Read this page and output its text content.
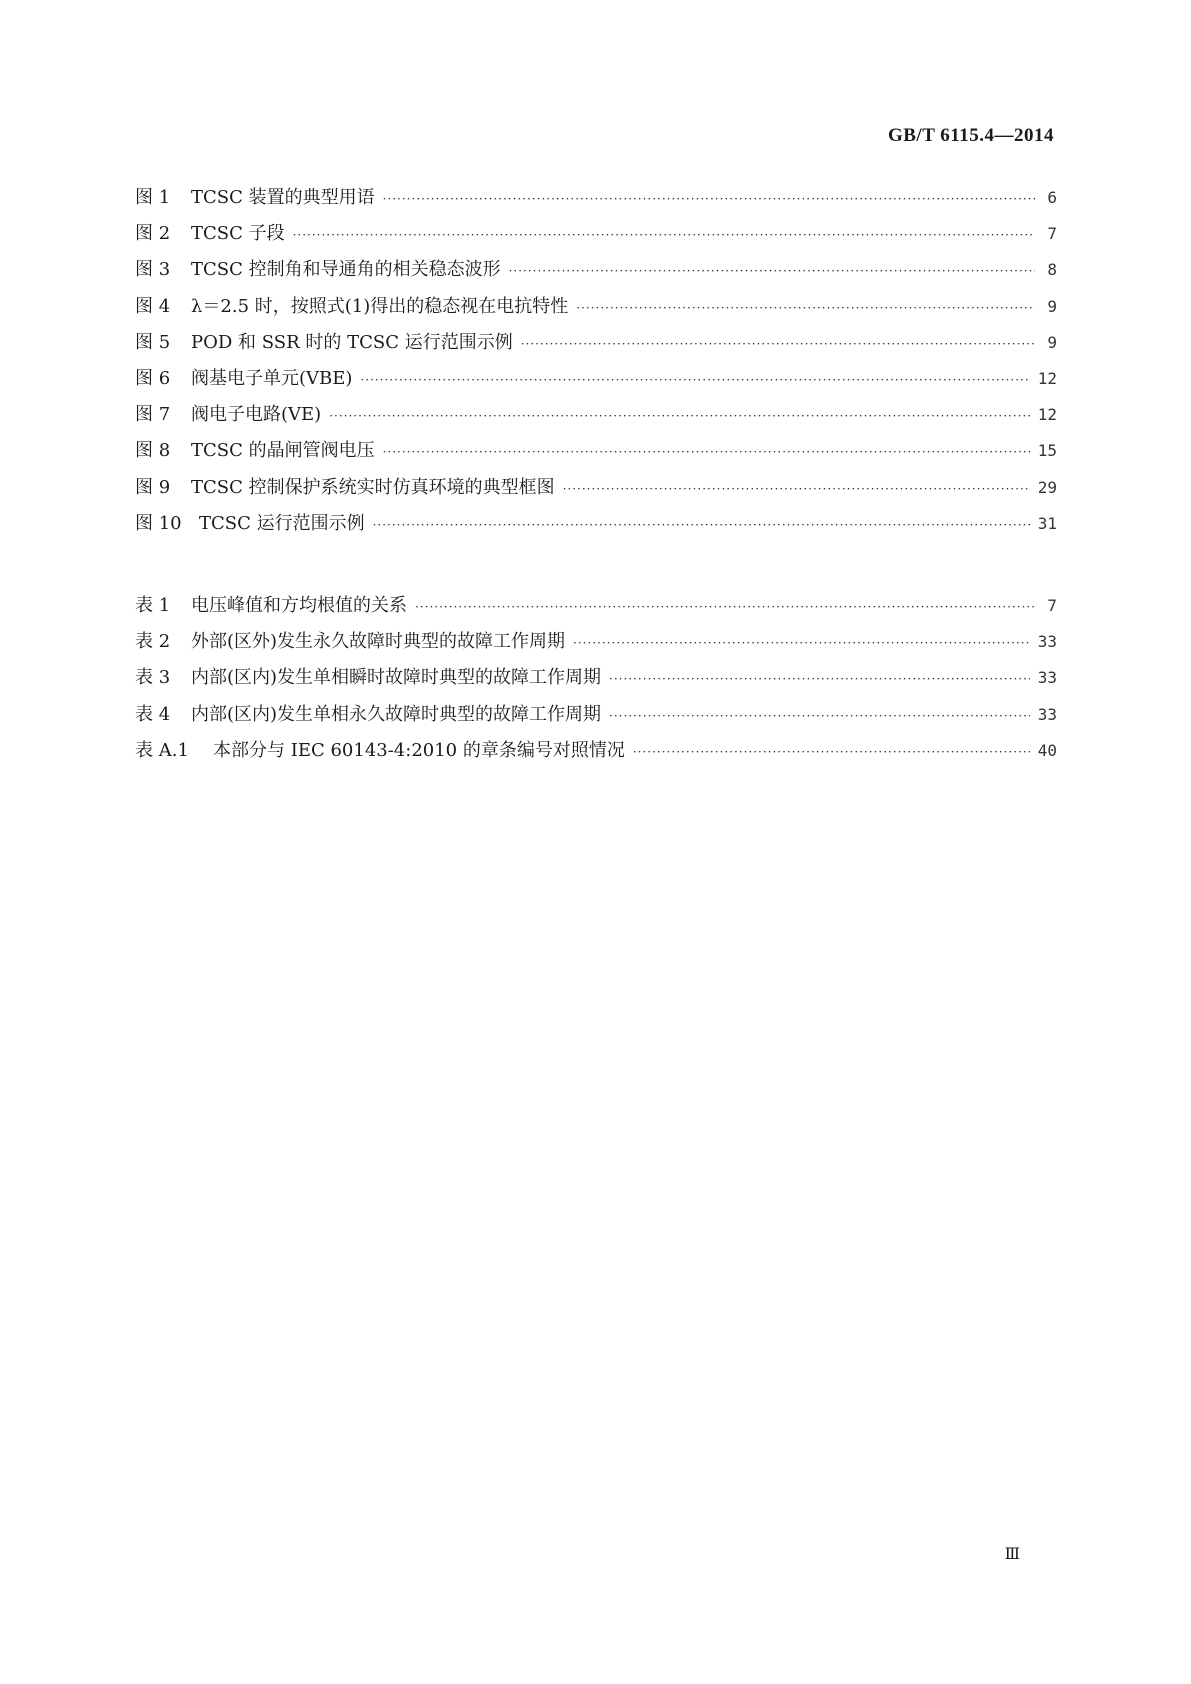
GB/T 6115.4—2014
图 1	TCSC 装置的典型用语 ·····	6
图 2	TCSC 子段 ·····	7
图 3	TCSC 控制角和导通角的相关稳态波形 ·····	8
图 4	λ＝2.5 时，按照式(1)得出的稳态视在电抗特性 ·····	9
图 5	POD 和 SSR 时的 TCSC 运行范围示例 ·····	9
图 6	阀基电子单元(VBE) ·····	12
图 7	阀电子电路(VE) ·····	12
图 8	TCSC 的晶闸管阀电压 ·····	15
图 9	TCSC 控制保护系统实时仿真环境的典型框图 ·····	29
图 10 TCSC 运行范围示例 ·····	31
表 1	电压峰值和方均根值的关系 ·····	7
表 2	外部(区外)发生永久故障时典型的故障工作周期 ·····	33
表 3	内部(区内)发生单相瞬时故障时典型的故障工作周期 ·····	33
表 4	内部(区内)发生单相永久故障时典型的故障工作周期 ·····	33
表 A.1	本部分与 IEC 60143-4:2010 的章条编号对照情况 ·····	40
Ⅲ
